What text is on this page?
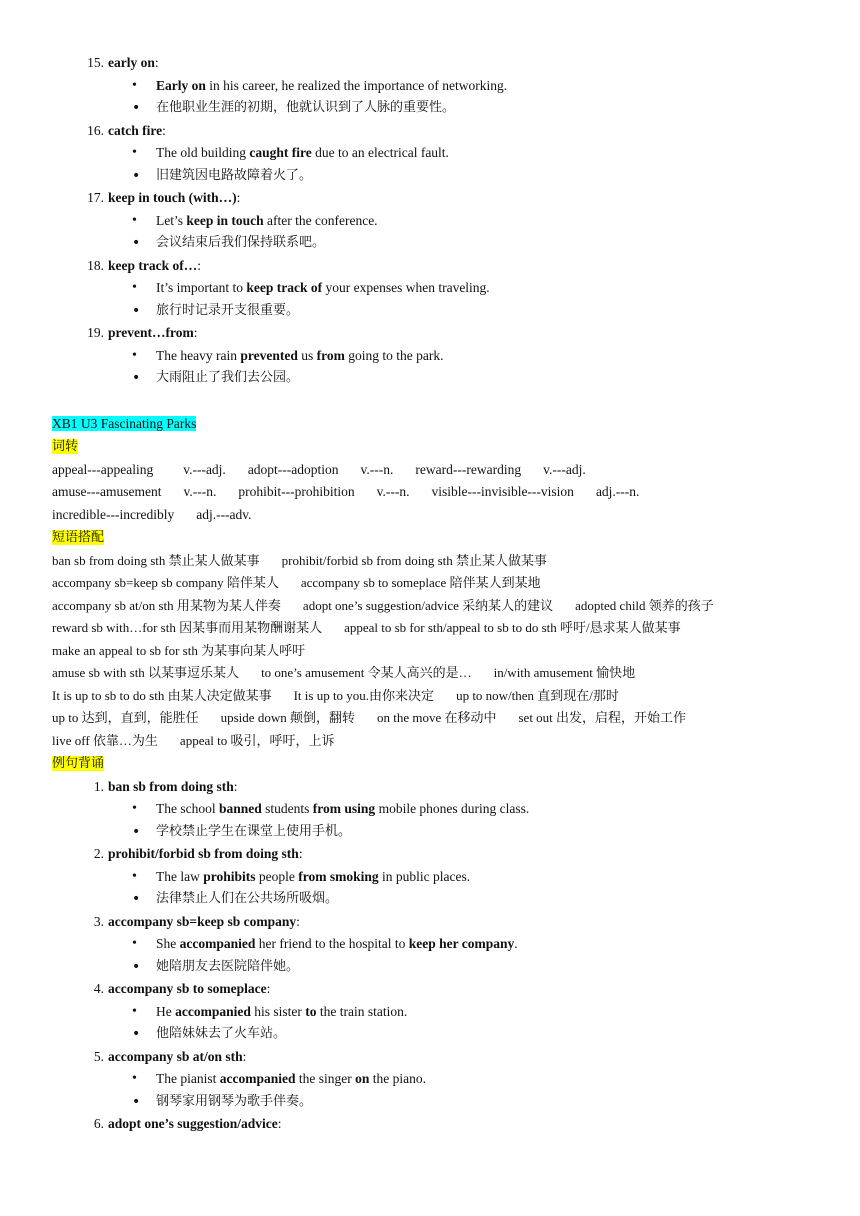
15. early on:
• Early on in his career, he realized the importance of networking.
• 在他职业生涯的初期，他就认识到了人脉的重要性。
16. catch fire:
• The old building caught fire due to an electrical fault.
• 旧建筑因电路故障着火了。
17. keep in touch (with…):
• Let’s keep in touch after the conference.
• 会议结束后我们保持联系吧。
18. keep track of…:
• It’s important to keep track of your expenses when traveling.
• 旅行时记录开支很重要。
19. prevent…from:
• The heavy rain prevented us from going to the park.
• 大雨阻止了我们去公园。
XB1 U3 Fascinating Parks
词转
appeal---appealing v.---adj. adopt---adoption v.---n. reward---rewarding v.---adj.
amuse---amusement v.---n. prohibit---prohibition v.---n. visible---invisible---vision adj.---n.
incredible---incredibly adj.---adv.
短语搭配
ban sb from doing sth 禁止某人做某事 prohibit/forbid sb from doing sth 禁止某人做某事
accompany sb=keep sb company 陪伴某人 accompany sb to someplace 陪伴某人到某地
accompany sb at/on sth 用某物为某人伴奏 adopt one’s suggestion/advice 采纳某人的建议 adopted child 领养的孩子
reward sb with…for sth 因某事而用某物酬谢某人 appeal to sb for sth/appeal to sb to do sth 呼吁/恳求某人做某事
make an appeal to sb for sth 为某事向某人呼吁
amuse sb with sth 以某事逗乐某人 to one’s amusement 令某人高兴的是… in/with amusement 愉快地
It is up to sb to do sth 由某人决定做某事 It is up to you.由你来决定 up to now/then 直到现在/那时
up to 达到，直到，能胜任 upside down 颠倒，翻转 on the move 在移动中 set out 出发，启程，开始工作
live off 依靠…为生 appeal to 吸引，呼吁，上诉
例句背诵
1. ban sb from doing sth:
• The school banned students from using mobile phones during class.
• 学校禁止学生在课堂上使用手机。
2. prohibit/forbid sb from doing sth:
• The law prohibits people from smoking in public places.
• 法律禁止人们在公共场所吸烟。
3. accompany sb=keep sb company:
• She accompanied her friend to the hospital to keep her company.
• 她陪朋友去医院陪伴她。
4. accompany sb to someplace:
• He accompanied his sister to the train station.
• 他陪妹妹去了火车站。
5. accompany sb at/on sth:
• The pianist accompanied the singer on the piano.
• 钢琴家用钢琴为歌手伴奏。
6. adopt one’s suggestion/advice:
